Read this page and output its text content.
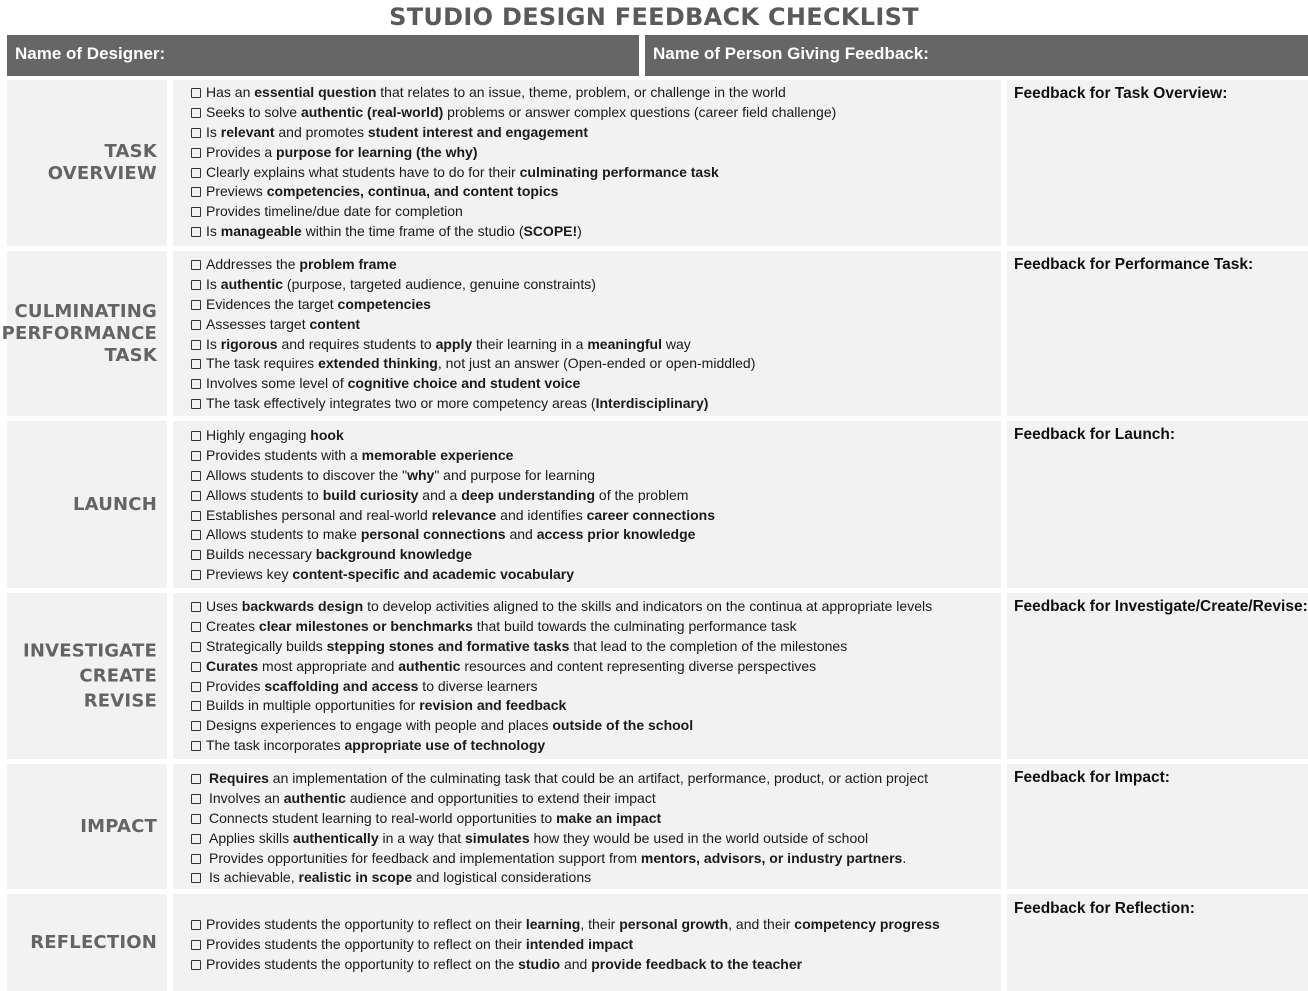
STUDIO DESIGN FEEDBACK CHECKLIST
Name of Designer:	Name of Person Giving Feedback:
TASK
OVERVIEW
Has an essential question that relates to an issue, theme, problem, or challenge in the world
Seeks to solve authentic (real-world) problems or answer complex questions (career field challenge)
Is relevant and promotes student interest and engagement
Provides a purpose for learning (the why)
Clearly explains what students have to do for their culminating performance task
Previews competencies, continua, and content topics
Provides timeline/due date for completion
Is manageable within the time frame of the studio (SCOPE!)
Feedback for Task Overview:
CULMINATING
PERFORMANCE
TASK
Addresses the problem frame
Is authentic (purpose, targeted audience, genuine constraints)
Evidences the target competencies
Assesses target content
Is rigorous and requires students to apply their learning in a meaningful way
The task requires extended thinking, not just an answer (Open-ended or open-middled)
Involves some level of cognitive choice and student voice
The task effectively integrates two or more competency areas (Interdisciplinary)
Feedback for Performance Task:
LAUNCH
Highly engaging hook
Provides students with a memorable experience
Allows students to discover the "why" and purpose for learning
Allows students to build curiosity and a deep understanding of the problem
Establishes personal and real-world relevance and identifies career connections
Allows students to make personal connections and access prior knowledge
Builds necessary background knowledge
Previews key content-specific and academic vocabulary
Feedback for Launch:
INVESTIGATE
CREATE
REVISE
Uses backwards design to develop activities aligned to the skills and indicators on the continua at appropriate levels
Creates clear milestones or benchmarks that build towards the culminating performance task
Strategically builds stepping stones and formative tasks that lead to the completion of the milestones
Curates most appropriate and authentic resources and content representing diverse perspectives
Provides scaffolding and access to diverse learners
Builds in multiple opportunities for revision and feedback
Designs experiences to engage with people and places outside of the school
The task incorporates appropriate use of technology
Feedback for Investigate/Create/Revise:
IMPACT
Requires an implementation of the culminating task that could be an artifact, performance, product, or action project
Involves an authentic audience and opportunities to extend their impact
Connects student learning to real-world opportunities to make an impact
Applies skills authentically in a way that simulates how they would be used in the world outside of school
Provides opportunities for feedback and implementation support from mentors, advisors, or industry partners.
Is achievable, realistic in scope and logistical considerations
Feedback for Impact:
REFLECTION
Provides students the opportunity to reflect on their learning, their personal growth, and their competency progress
Provides students the opportunity to reflect on their intended impact
Provides students the opportunity to reflect on the studio and provide feedback to the teacher
Feedback for Reflection:
